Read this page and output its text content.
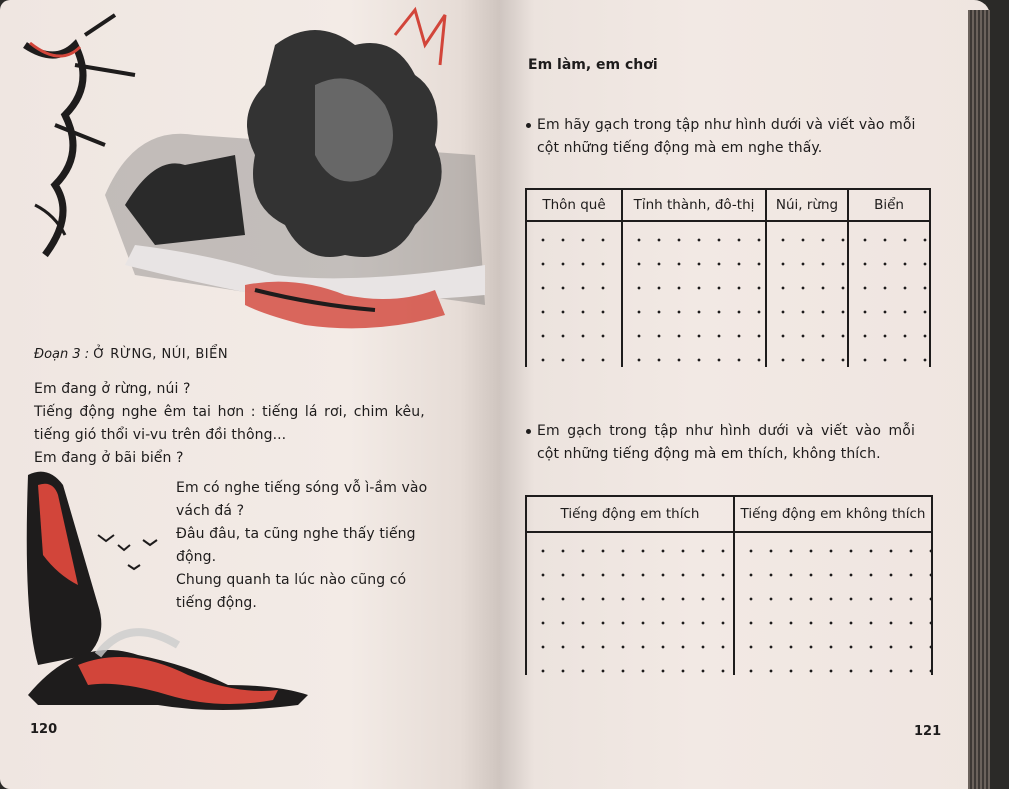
Đoạn 3 : Ở RỪNG, NÚI, BIỂN

Em đang ở rừng, núi ?
Tiếng động nghe êm tai hơn : tiếng lá rơi, chim kêu,
tiếng gió thổi vi-vu trên đồi thông...
Em đang ở bãi biển ?
Em có nghe tiếng sóng vỗ ì-ầm vào
vách đá ?
Đâu đâu, ta cũng nghe thấy tiếng
động.
Chung quanh ta lúc nào cũng có
tiếng động.
120
Em làm, em chơi
Em hãy gạch trong tập như hình dưới và viết vào mỗi
cột những tiếng động mà em nghe thấy.
Thôn quê	Tỉnh thành, đô-thị	Núi, rừng	Biển

Em gạch trong tập như hình dưới và viết vào mỗi
cột những tiếng động mà em thích, không thích.
Tiếng động em thích	Tiếng động em không thích

121
